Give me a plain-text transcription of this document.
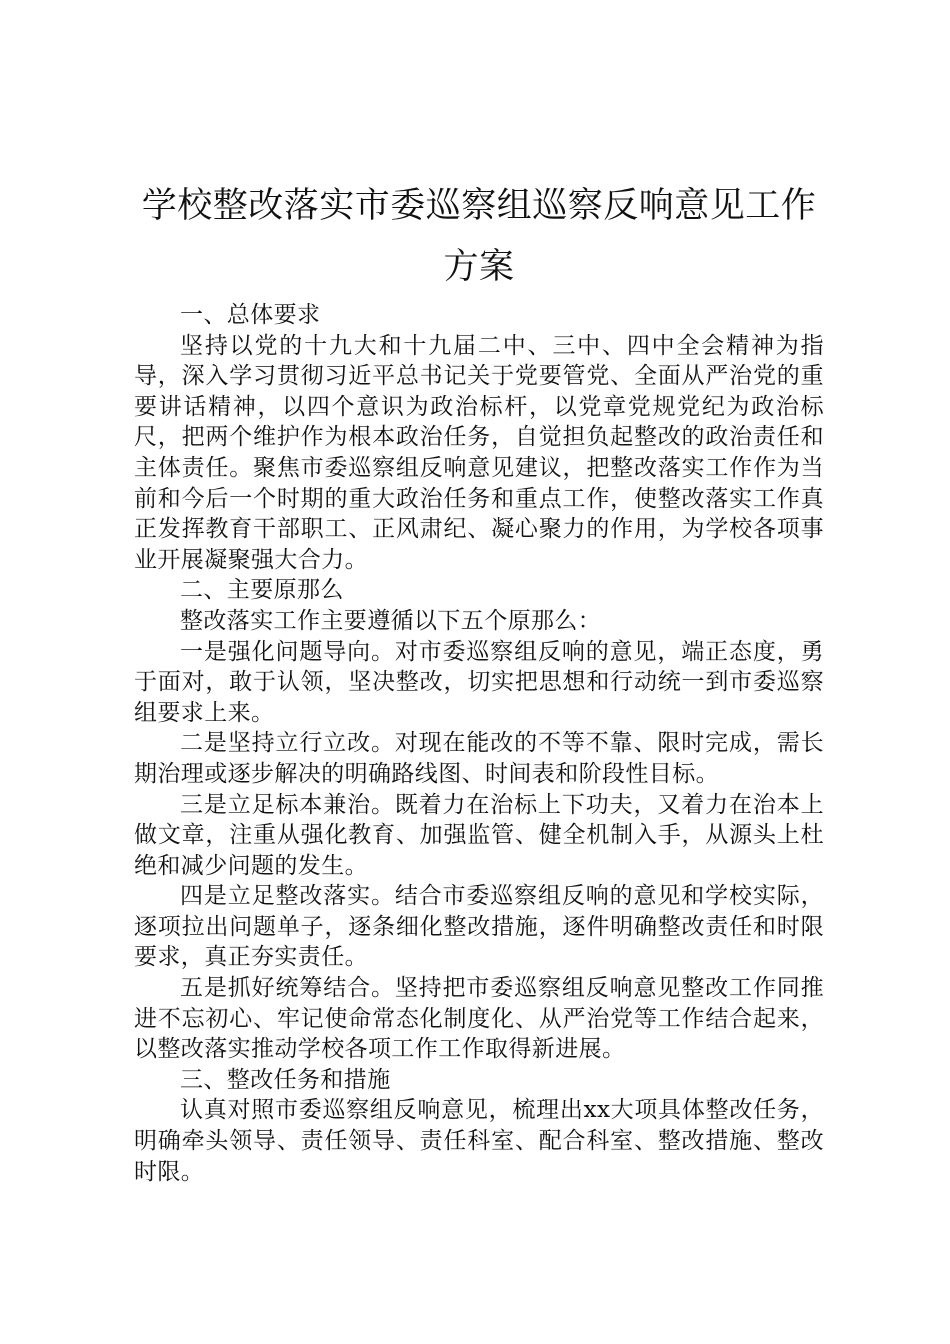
学校整改落实市委巡察组巡察反响意见工作
方案

一、总体要求

坚持以党的十九大和十九届二中、三中、四中全会精神为指导，深入学习贯彻习近平总书记关于党要管党、全面从严治党的重要讲话精神，以四个意识为政治标杆，以党章党规党纪为政治标尺，把两个维护作为根本政治任务，自觉担负起整改的政治责任和主体责任。聚焦市委巡察组反响意见建议，把整改落实工作作为当前和今后一个时期的重大政治任务和重点工作，使整改落实工作真正发挥教育干部职工、正风肃纪、凝心聚力的作用，为学校各项事业开展凝聚强大合力。

二、主要原那么

整改落实工作主要遵循以下五个原那么：

一是强化问题导向。对市委巡察组反响的意见，端正态度，勇于面对，敢于认领，坚决整改，切实把思想和行动统一到市委巡察组要求上来。

二是坚持立行立改。对现在能改的不等不靠、限时完成，需长期治理或逐步解决的明确路线图、时间表和阶段性目标。

三是立足标本兼治。既着力在治标上下功夫，又着力在治本上做文章，注重从强化教育、加强监管、健全机制入手，从源头上杜绝和减少问题的发生。

四是立足整改落实。结合市委巡察组反响的意见和学校实际，逐项拉出问题单子，逐条细化整改措施，逐件明确整改责任和时限要求，真正夯实责任。

五是抓好统筹结合。坚持把市委巡察组反响意见整改工作同推进不忘初心、牢记使命常态化制度化、从严治党等工作结合起来，以整改落实推动学校各项工作工作取得新进展。

三、整改任务和措施

认真对照市委巡察组反响意见，梳理出xx大项具体整改任务，明确牵头领导、责任领导、责任科室、配合科室、整改措施、整改时限。
